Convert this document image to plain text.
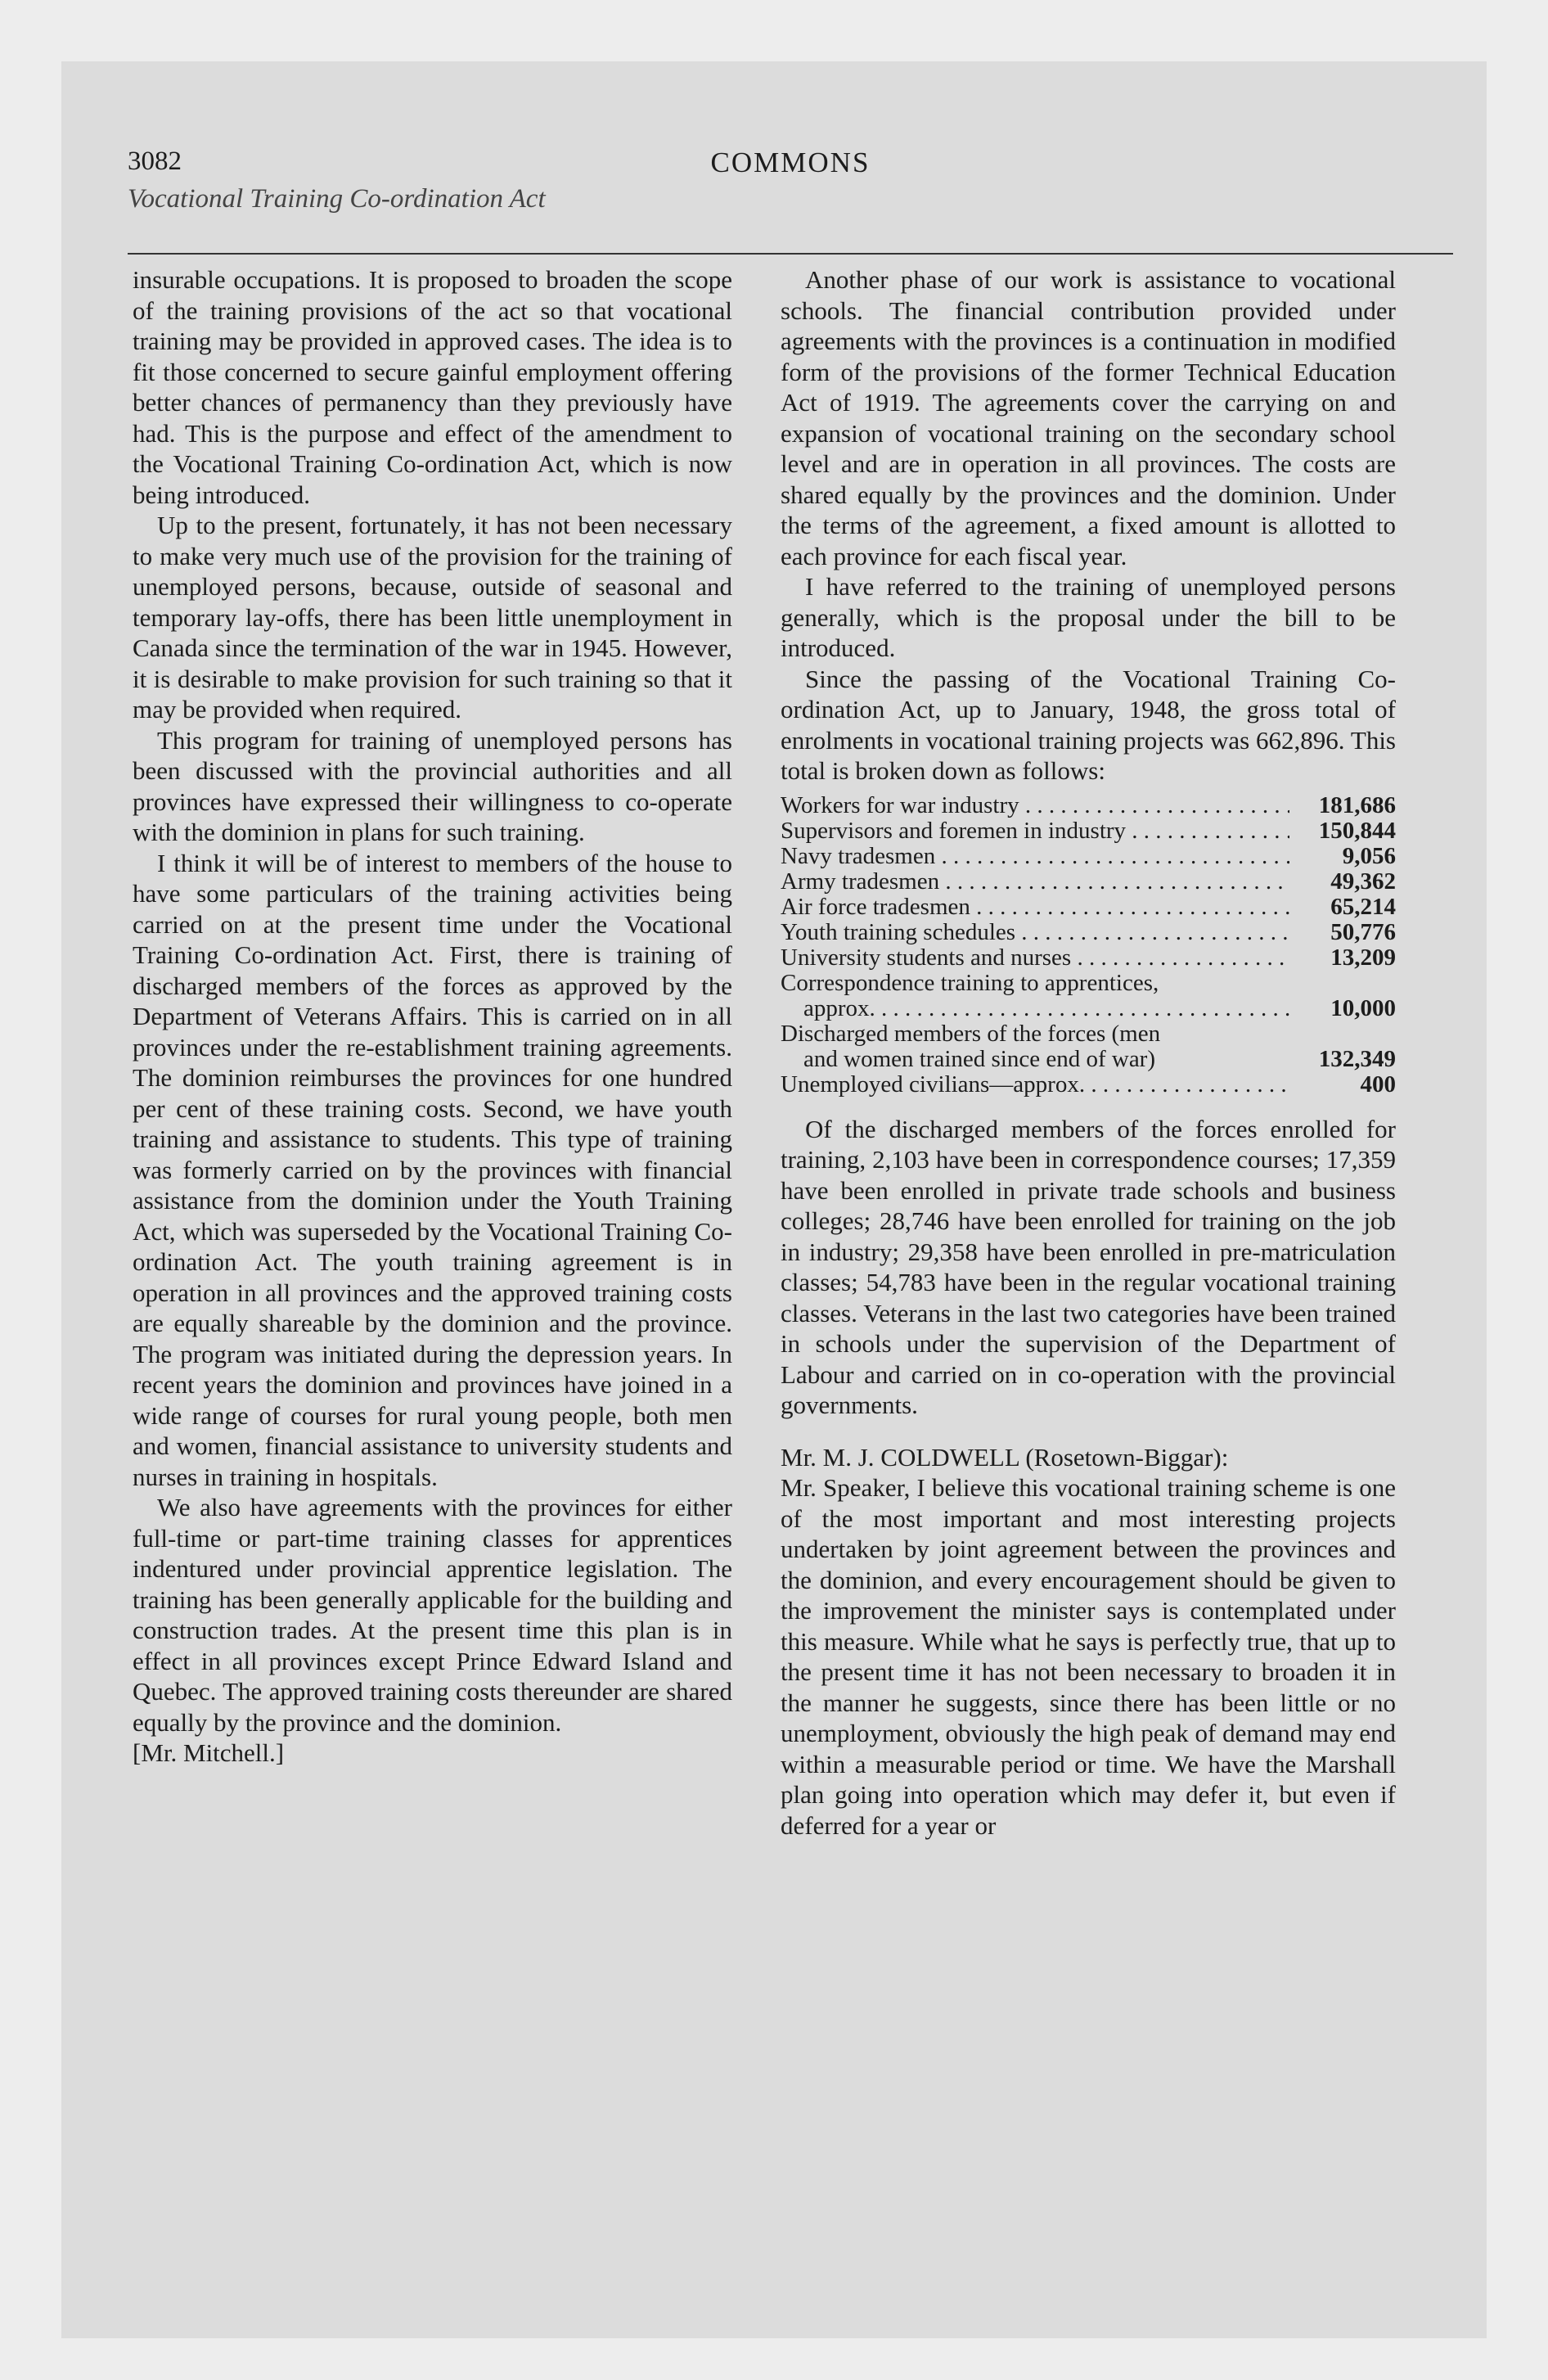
3082	COMMONS
Vocational Training Co-ordination Act

insurable occupations. It is proposed to broaden the scope of the training provisions of the act so that vocational training may be provided in approved cases. The idea is to fit those concerned to secure gainful employment offering better chances of permanency than they previously have had. This is the purpose and effect of the amendment to the Vocational Training Co-ordination Act, which is now being introduced.

Up to the present, fortunately, it has not been necessary to make very much use of the provision for the training of unemployed persons, because, outside of seasonal and temporary lay-offs, there has been little unemployment in Canada since the termination of the war in 1945. However, it is desirable to make provision for such training so that it may be provided when required.

This program for training of unemployed persons has been discussed with the provincial authorities and all provinces have expressed their willingness to co-operate with the dominion in plans for such training.

I think it will be of interest to members of the house to have some particulars of the training activities being carried on at the present time under the Vocational Training Co-ordination Act. First, there is training of discharged members of the forces as approved by the Department of Veterans Affairs. This is carried on in all provinces under the re-establishment training agreements. The dominion reimburses the provinces for one hundred per cent of these training costs. Second, we have youth training and assistance to students. This type of training was formerly carried on by the provinces with financial assistance from the dominion under the Youth Training Act, which was superseded by the Vocational Training Co-ordination Act. The youth training agreement is in operation in all provinces and the approved training costs are equally shareable by the dominion and the province. The program was initiated during the depression years. In recent years the dominion and provinces have joined in a wide range of courses for rural young people, both men and women, financial assistance to university students and nurses in training in hospitals.

We also have agreements with the provinces for either full-time or part-time training classes for apprentices indentured under provincial apprentice legislation. The training has been generally applicable for the building and construction trades. At the present time this plan is in effect in all provinces except Prince Edward Island and Quebec. The approved training costs thereunder are shared equally by the province and the dominion.

[Mr. Mitchell.]

Another phase of our work is assistance to vocational schools. The financial contribution provided under agreements with the provinces is a continuation in modified form of the provisions of the former Technical Education Act of 1919. The agreements cover the carrying on and expansion of vocational training on the secondary school level and are in operation in all provinces. The costs are shared equally by the provinces and the dominion. Under the terms of the agreement, a fixed amount is allotted to each province for each fiscal year.

I have referred to the training of unemployed persons generally, which is the proposal under the bill to be introduced.

Since the passing of the Vocational Training Co-ordination Act, up to January, 1948, the gross total of enrolments in vocational training projects was 662,896. This total is broken down as follows:

Workers for war industry . . .	181,686
Supervisors and foremen in industry . . .	150,844
Navy tradesmen . . .	9,056
Army tradesmen . . .	49,362
Air force tradesmen . . .	65,214
Youth training schedules . . .	50,776
University students and nurses . . .	13,209
Correspondence training to apprentices,
approx. . . .	10,000
Discharged members of the forces (men
and women trained since end of war)	132,349
Unemployed civilians—approx. . . .	400

Of the discharged members of the forces enrolled for training, 2,103 have been in correspondence courses; 17,359 have been enrolled in private trade schools and business colleges; 28,746 have been enrolled for training on the job in industry; 29,358 have been enrolled in pre-matriculation classes; 54,783 have been in the regular vocational training classes. Veterans in the last two categories have been trained in schools under the supervision of the Department of Labour and carried on in co-operation with the provincial governments.

Mr. M. J. COLDWELL (Rosetown-Biggar):

Mr. Speaker, I believe this vocational training scheme is one of the most important and most interesting projects undertaken by joint agreement between the provinces and the dominion, and every encouragement should be given to the improvement the minister says is contemplated under this measure. While what he says is perfectly true, that up to the present time it has not been necessary to broaden it in the manner he suggests, since there has been little or no unemployment, obviously the high peak of demand may end within a measurable period or time. We have the Marshall plan going into operation which may defer it, but even if deferred for a year or
